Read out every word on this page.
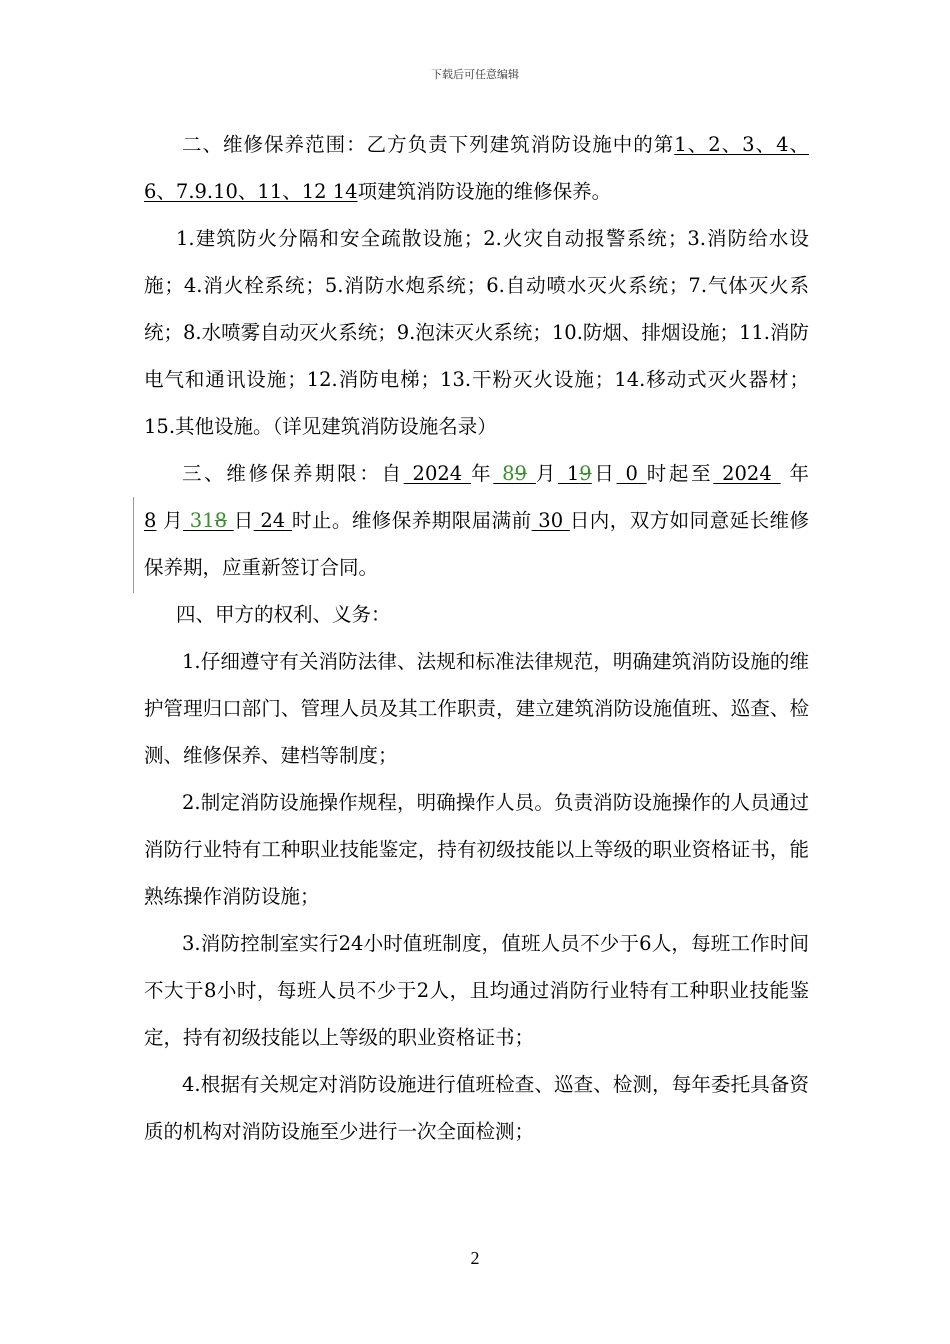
下载后可任意编辑

二、维修保养范围：乙方负责下列建筑消防设施中的第1、2、3、4、6、7.9.10、11、12 14项建筑消防设施的维修保养。

1.建筑防火分隔和安全疏散设施；2.火灾自动报警系统；3.消防给水设施；4.消火栓系统；5.消防水炮系统；6.自动喷水灭火系统；7.气体灭火系统；8.水喷雾自动灭火系统；9.泡沫灭火系统；10.防烟、排烟设施；11.消防电气和通讯设施；12.消防电梯；13.干粉灭火设施；14.移动式灭火器材；15.其他设施。（详见建筑消防设施名录）

三、维修保养期限：自 2024 年 89 月 19日 0 时起至 2024 年8 月 318 日 24 时止。维修保养期限届满前 30 日内，双方如同意延长维修保养期，应重新签订合同。

四、甲方的权利、义务：

1.仔细遵守有关消防法律、法规和标准法律规范，明确建筑消防设施的维护管理归口部门、管理人员及其工作职责，建立建筑消防设施值班、巡查、检测、维修保养、建档等制度；

2.制定消防设施操作规程，明确操作人员。负责消防设施操作的人员通过消防行业特有工种职业技能鉴定，持有初级技能以上等级的职业资格证书，能熟练操作消防设施；

3.消防控制室实行24小时值班制度，值班人员不少于6人，每班工作时间不大于8小时，每班人员不少于2人，且均通过消防行业特有工种职业技能鉴定，持有初级技能以上等级的职业资格证书；

4.根据有关规定对消防设施进行值班检查、巡查、检测，每年委托具备资质的机构对消防设施至少进行一次全面检测；

2
